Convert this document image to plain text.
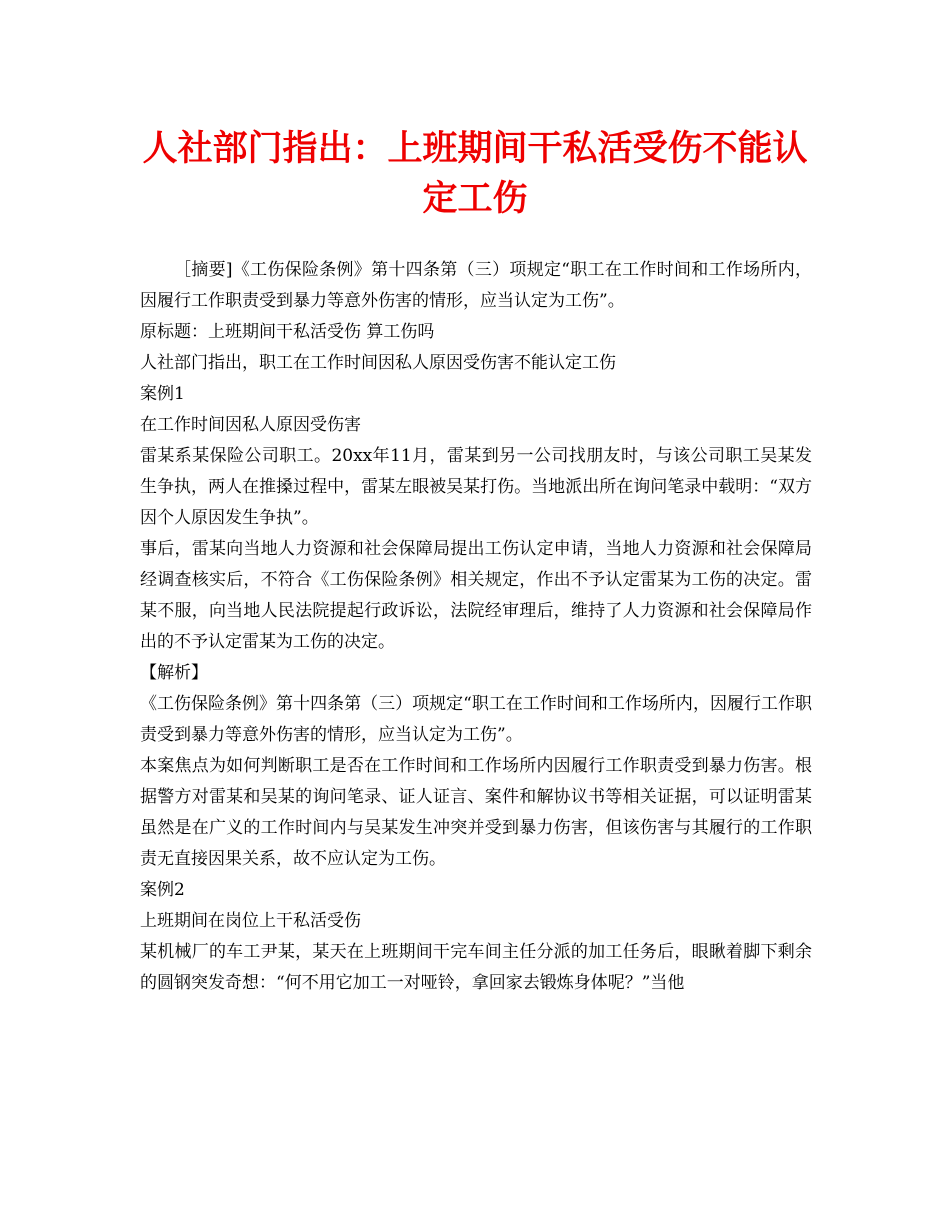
人社部门指出：上班期间干私活受伤不能认定工伤

［摘要]《工伤保险条例》第十四条第（三）项规定“职工在工作时间和工作场所内，因履行工作职责受到暴力等意外伤害的情形，应当认定为工伤”。

原标题：上班期间干私活受伤 算工伤吗

人社部门指出，职工在工作时间因私人原因受伤害不能认定工伤

案例1

在工作时间因私人原因受伤害

雷某系某保险公司职工。20xx年11月，雷某到另一公司找朋友时，与该公司职工吴某发生争执，两人在推搡过程中，雷某左眼被吴某打伤。当地派出所在询问笔录中载明：“双方因个人原因发生争执”。

事后，雷某向当地人力资源和社会保障局提出工伤认定申请，当地人力资源和社会保障局经调查核实后，不符合《工伤保险条例》相关规定，作出不予认定雷某为工伤的决定。雷某不服，向当地人民法院提起行政诉讼，法院经审理后，维持了人力资源和社会保障局作出的不予认定雷某为工伤的决定。

【解析】

《工伤保险条例》第十四条第（三）项规定“职工在工作时间和工作场所内，因履行工作职责受到暴力等意外伤害的情形，应当认定为工伤”。

本案焦点为如何判断职工是否在工作时间和工作场所内因履行工作职责受到暴力伤害。根据警方对雷某和吴某的询问笔录、证人证言、案件和解协议书等相关证据，可以证明雷某虽然是在广义的工作时间内与吴某发生冲突并受到暴力伤害，但该伤害与其履行的工作职责无直接因果关系，故不应认定为工伤。

案例2

上班期间在岗位上干私活受伤

某机械厂的车工尹某，某天在上班期间干完车间主任分派的加工任务后，眼瞅着脚下剩余的圆钢突发奇想：“何不用它加工一对哑铃，拿回家去锻炼身体呢？”当他
